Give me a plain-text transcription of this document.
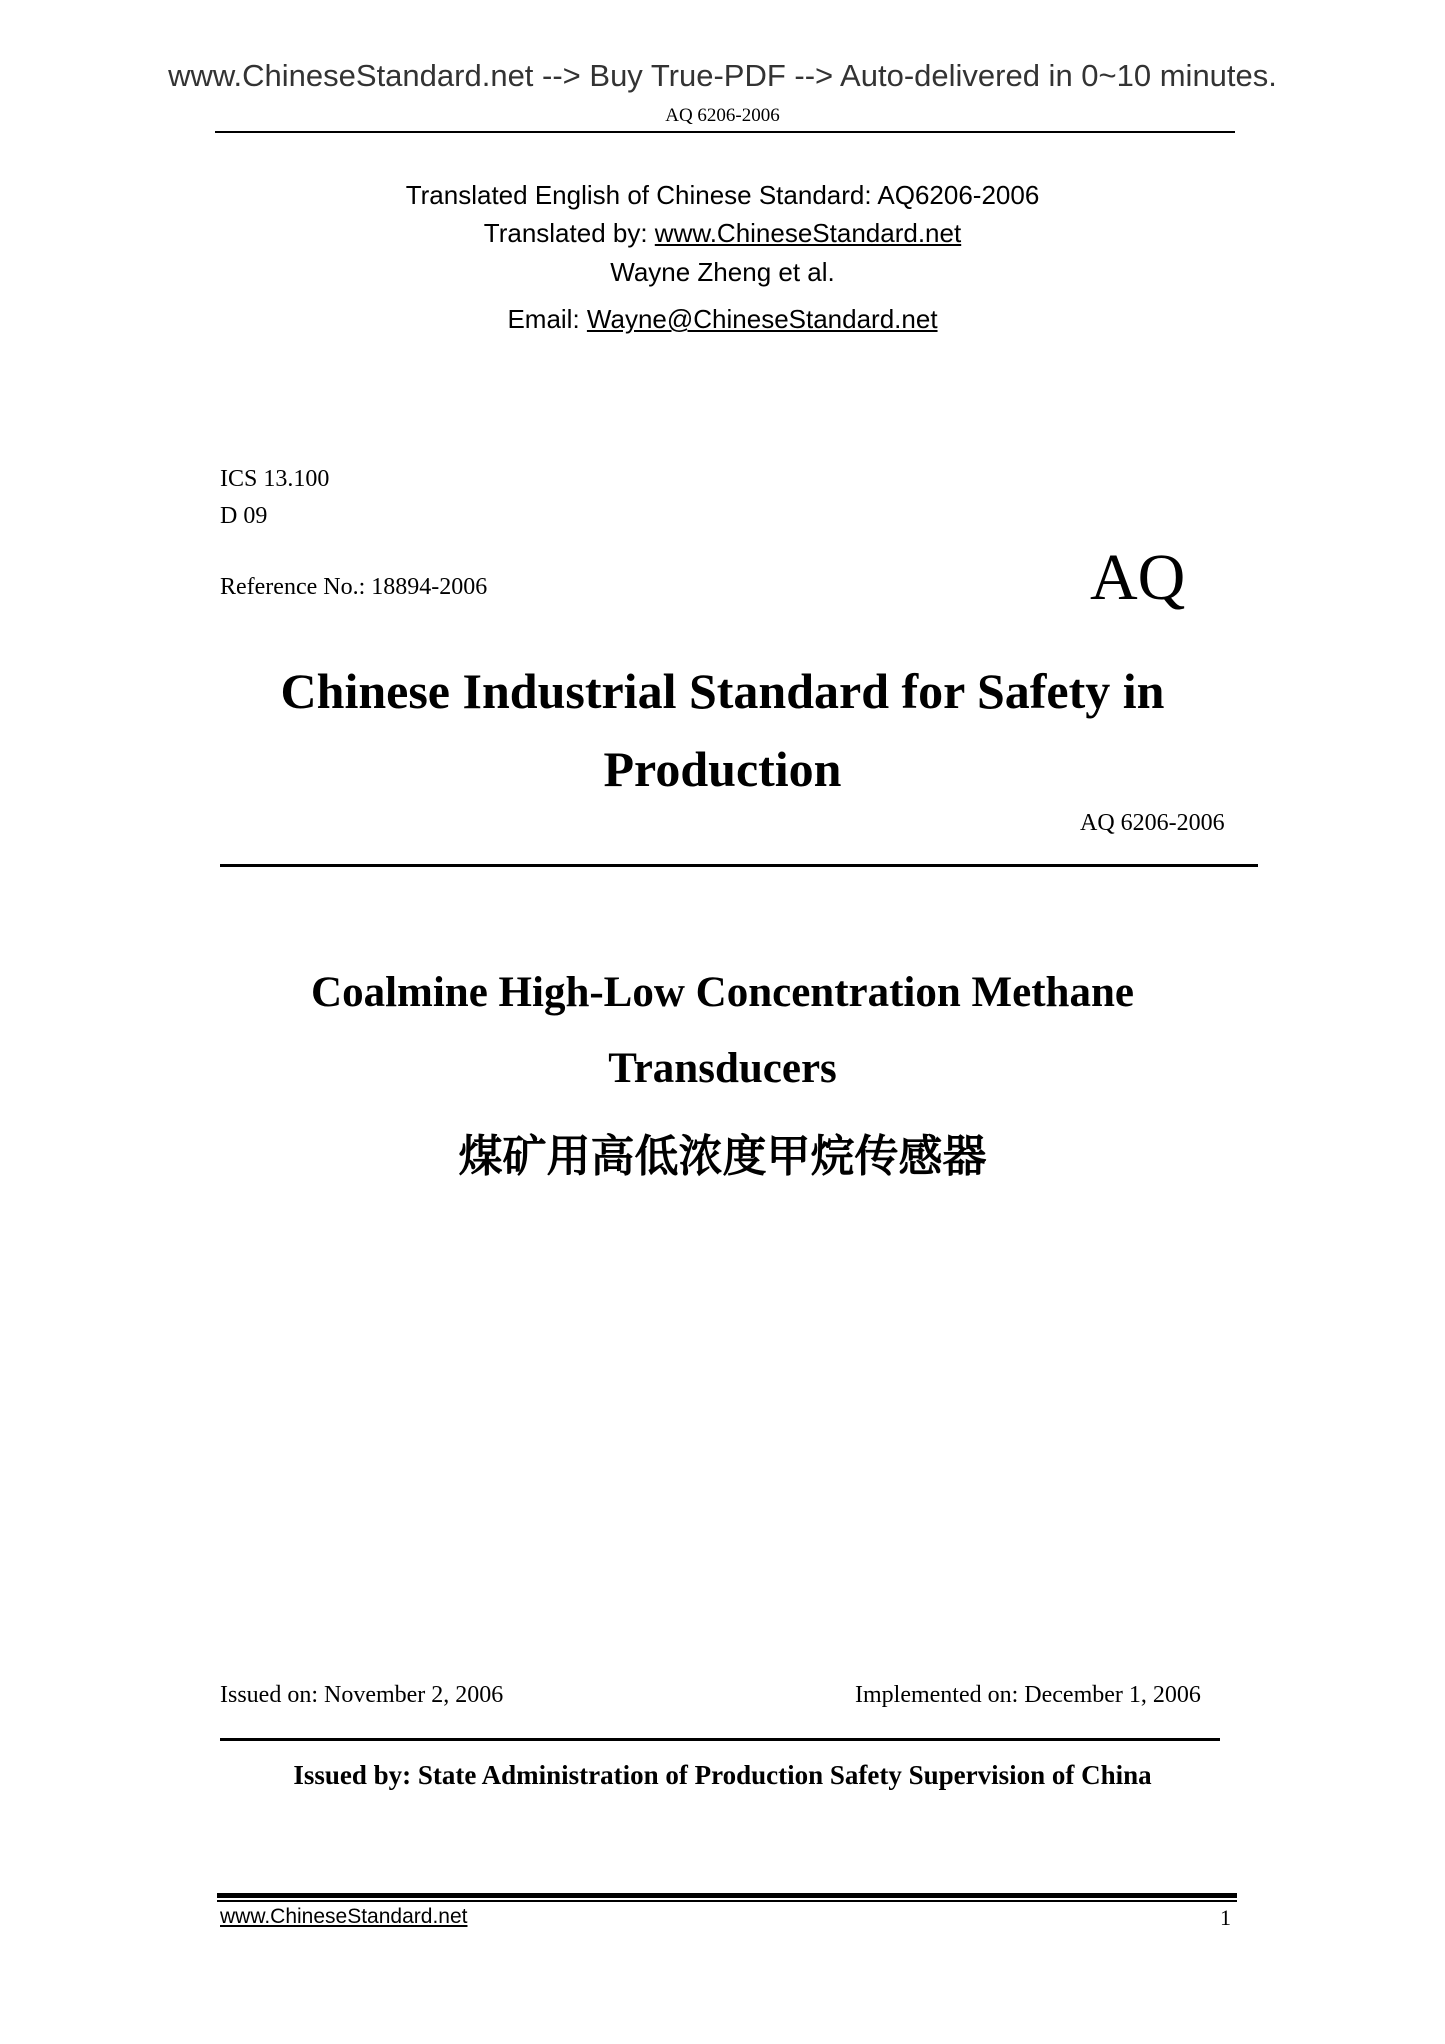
www.ChineseStandard.net --> Buy True-PDF --> Auto-delivered in 0~10 minutes.
AQ 6206-2006
Translated English of Chinese Standard: AQ6206-2006
Translated by: www.ChineseStandard.net
Wayne Zheng et al.
Email: Wayne@ChineseStandard.net
ICS 13.100
D 09
Reference No.: 18894-2006	AQ
Chinese Industrial Standard for Safety in
Production
AQ 6206-2006
Coalmine High-Low Concentration Methane
Transducers
煤矿用高低浓度甲烷传感器
Issued on: November 2, 2006	Implemented on: December 1, 2006
Issued by: State Administration of Production Safety Supervision of China
www.ChineseStandard.net	1
